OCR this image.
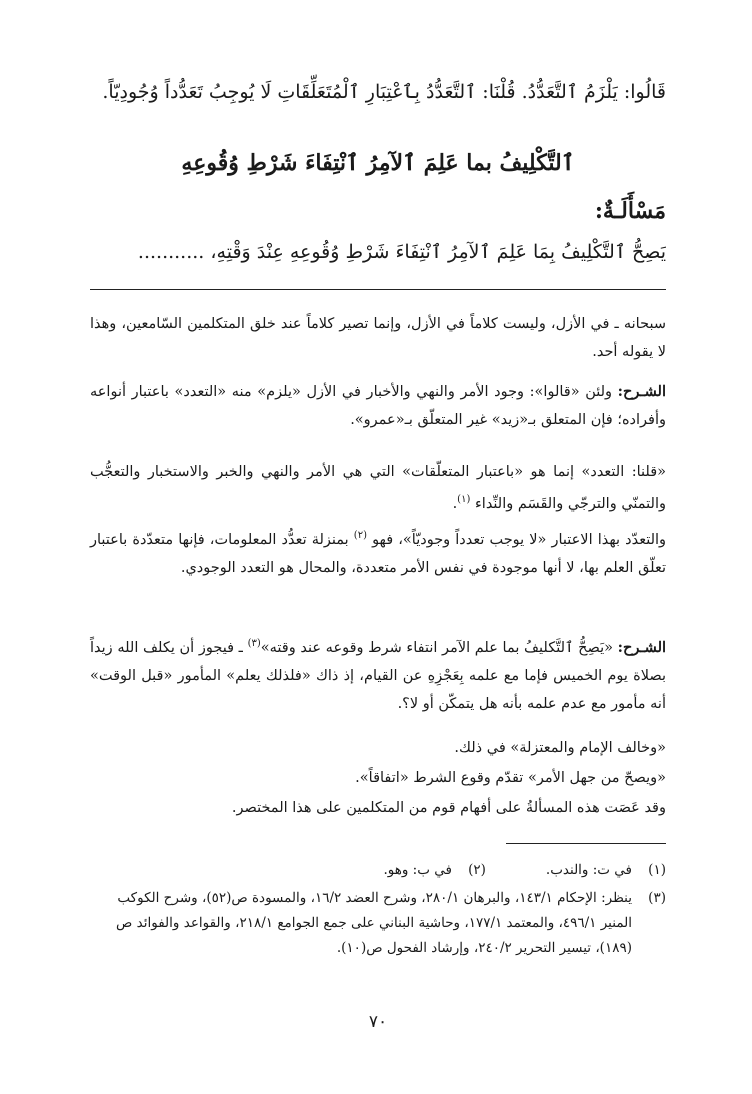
قَالُوا: يَلْزَمُ ٱلتَّعَدُّدُ. قُلْنَا: ٱلتَّعَدُّدُ بِٱعْتِبَارِ ٱلْمُتَعَلِّقَاتِ لَا يُوجِبُ تَعَدُّداً وُجُودِيّاً.

ٱلتَّكْلِيفُ بما عَلِمَ ٱلآمِرُ ٱنْتِفَاءَ شَرْطِ وُقُوعِهِ

مَسْأَلَـةٌ:

يَصِحُّ ٱلتَّكْلِيفُ بِمَا عَلِمَ ٱلآمِرُ ٱنْتِفَاءَ شَرْطِ وُقُوعِهِ عِنْدَ وَقْتِهِ، ...........

سبحانه ـ في الأزل، وليست كلاماً في الأزل، وإنما تصير كلاماً عند خلق المتكلمين السّامعين، وهذا لا يقوله أحد.

الشـرح: ولئن «قالوا»: وجود الأمر والنهي والأخبار في الأزل «يلزم» منه «التعدد» باعتبار أنواعه وأفراده؛ فإن المتعلق بـ«زيد» غير المتعلّق بـ«عمرو».

«قلنا: التعدد» إنما هو «باعتبار المتعلّقات» التي هي الأمر والنهي والخبر والاستخبار والتعجُّب والتمنّي والترجّي والقَسَم والنِّداء $^{(١)}$.

والتعدّد بهذا الاعتبار «لا يوجب تعدداً وجوديّاً»، فهو $^{(٢)}$ بمنزلة تعدُّد المعلومات، فإنها متعدّدة باعتبار تعلّق العلم بها، لا أنها موجودة في نفس الأمر متعددة، والمحال هو التعدد الوجودي.

الشـرح: «يَصِحُّ ٱلتَّكليفُ بما علم الآمر انتفاء شرط وقوعه عند وقته»$^{(٣)}$ ـ فيجوز أن يكلف الله زيداً بصلاة يوم الخميس فإما مع علمه بِعَجْزِهِ عن القيام، إذ ذاك «فلذلك يعلم» المأمور «قبل الوقت» أنه مأمور مع عدم علمه بأنه هل يتمكّن أو لا؟.

«وخالف الإمام والمعتزلة» في ذلك.

«ويصحّ من جهل الأمر» تقدّم وقوع الشرط «اتفاقاً».

وقد عَصَت هذه المسألةُ على أفهام قوم من المتكلمين على هذا المختصر.

(١)في ت: والندب.(٢)في ب: وهو.

(٣)
ينظر: الإحكام ١٤٣/١، والبرهان ٢٨٠/١، وشرح العضد ١٦/٢، والمسودة ص(٥٢)، وشرح الكوكب المنير ٤٩٦/١، والمعتمد ١٧٧/١، وحاشية البناني على جمع الجوامع ٢١٨/١، والقواعد والفوائد ص (١٨٩)، تيسير التحرير ٢٤٠/٢، وإرشاد الفحول ص(١٠).

٧٠
